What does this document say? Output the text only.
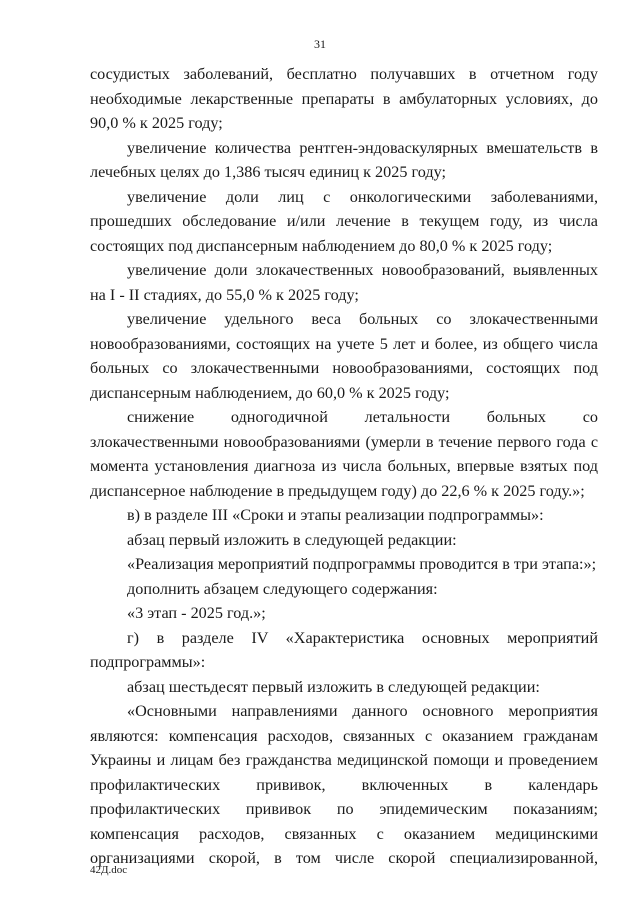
31

сосудистых заболеваний, бесплатно получавших в отчетном году необходимые лекарственные препараты в амбулаторных условиях, до 90,0 % к 2025 году;

увеличение количества рентген-эндоваскулярных вмешательств в лечебных целях до 1,386 тысяч единиц к 2025 году;

увеличение доли лиц с онкологическими заболеваниями, прошедших обследование и/или лечение в текущем году, из числа состоящих под диспансерным наблюдением до 80,0 % к 2025 году;

увеличение доли злокачественных новообразований, выявленных на I - II стадиях, до 55,0 % к 2025 году;

увеличение удельного веса больных со злокачественными новообразованиями, состоящих на учете 5 лет и более, из общего числа больных со злокачественными новообразованиями, состоящих под диспансерным наблюдением, до 60,0 % к 2025 году;

снижение одногодичной летальности больных со злокачественными новообразованиями (умерли в течение первого года с момента установления диагноза из числа больных, впервые взятых под диспансерное наблюдение в предыдущем году) до 22,6 % к 2025 году.»;

в) в разделе III «Сроки и этапы реализации подпрограммы»:

абзац первый изложить в следующей редакции:

«Реализация мероприятий подпрограммы проводится в три этапа:»;

дополнить абзацем следующего содержания:

«3 этап - 2025 год.»;

г) в разделе IV «Характеристика основных мероприятий подпрограммы»:

абзац шестьдесят первый изложить в следующей редакции:

«Основными направлениями данного основного мероприятия являются: компенсация расходов, связанных с оказанием гражданам Украины и лицам без гражданства медицинской помощи и проведением профилактических прививок, включенных в календарь профилактических прививок по эпидемическим показаниям; компенсация расходов, связанных с оказанием медицинскими организациями скорой, в том числе скорой специализированной,

42Д.doc
